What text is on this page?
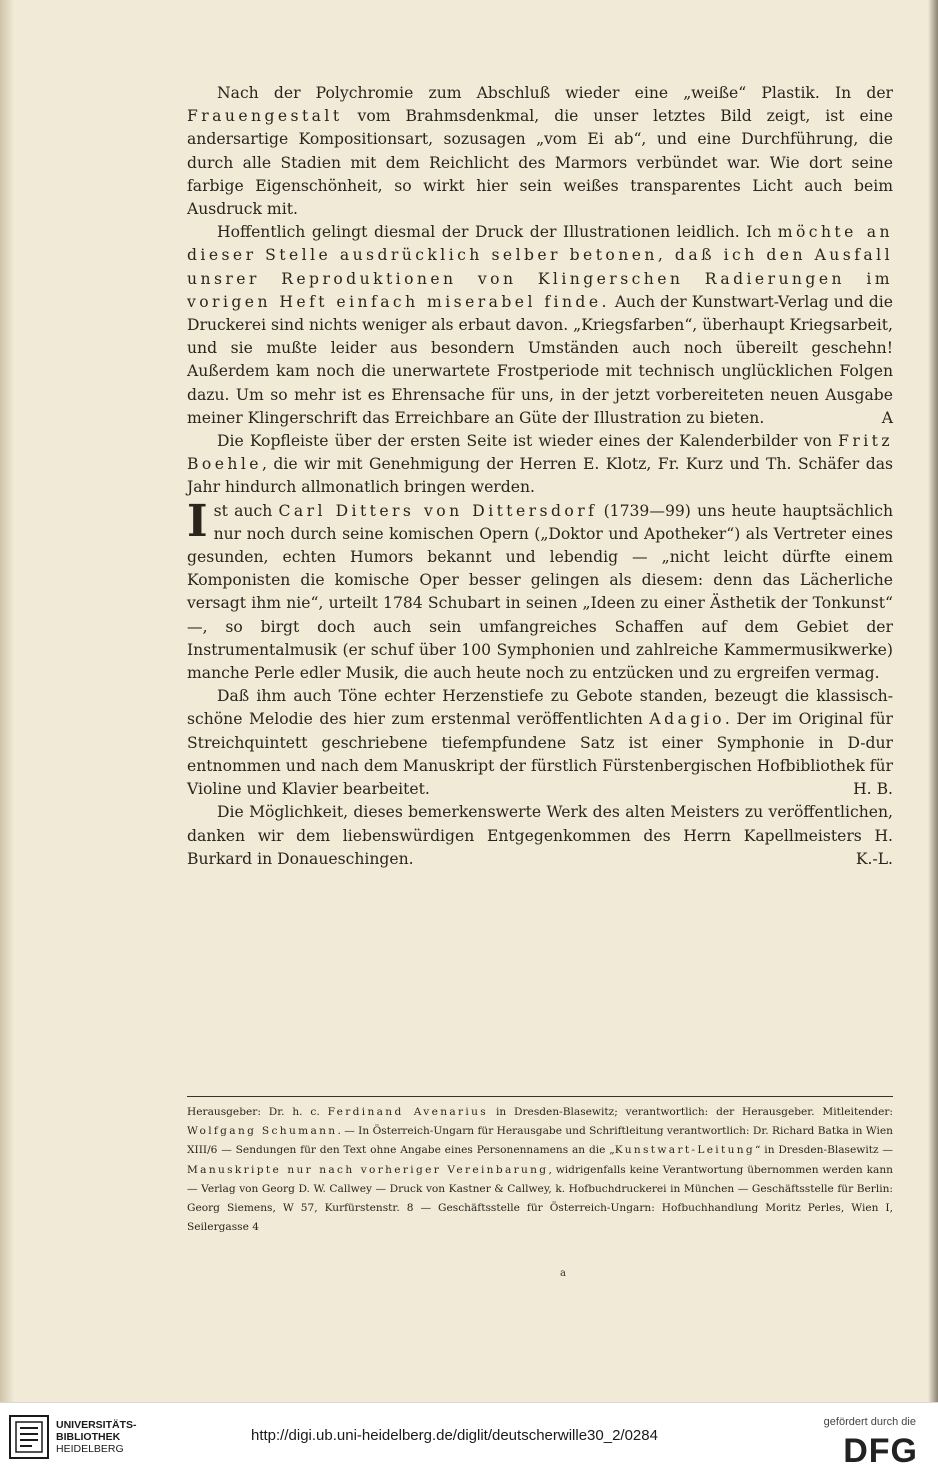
Nach der Polychromie zum Abschluß wieder eine „weiße“ Plastik. In der Frauengestalt vom Brahmsdenkmal, die unser letztes Bild zeigt, ist eine andersartige Kompositionsart, sozusagen „vom Ei ab“, und eine Durchführung, die durch alle Stadien mit dem Reichlicht des Marmors verbündet war. Wie dort seine farbige Eigenschönheit, so wirkt hier sein weißes transparentes Licht auch beim Ausdruck mit.

Hoffentlich gelingt diesmal der Druck der Illustrationen leidlich. Ich möchte an dieser Stelle ausdrücklich selber betonen, daß ich den Ausfall unsrer Reproduktionen von Klingerschen Radierungen im vorigen Heft einfach miserabel finde. Auch der Kunstwart-Verlag und die Druckerei sind nichts weniger als erbaut davon. „Kriegsfarben“, überhaupt Kriegsarbeit, und sie mußte leider aus besondern Umständen auch noch übereilt geschehn! Außerdem kam noch die unerwartete Frostperiode mit technisch unglücklichen Folgen dazu. Um so mehr ist es Ehrensache für uns, in der jetzt vorbereiteten neuen Ausgabe meiner Klingerschrift das Erreichbare an Güte der Illustration zu bieten.	A

Die Kopfleiste über der ersten Seite ist wieder eines der Kalenderbilder von Fritz Boehle, die wir mit Genehmigung der Herren E. Klotz, Fr. Kurz und Th. Schäfer das Jahr hindurch allmonatlich bringen werden.

Ist auch Carl Ditters von Dittersdorf (1739—99) uns heute hauptsächlich nur noch durch seine komischen Opern („Doktor und Apotheker“) als Vertreter eines gesunden, echten Humors bekannt und lebendig — „nicht leicht dürfte einem Komponisten die komische Oper besser gelingen als diesem: denn das Lächerliche versagt ihm nie“, urteilt 1784 Schubart in seinen „Ideen zu einer Ästhetik der Tonkunst“ —, so birgt doch auch sein umfangreiches Schaffen auf dem Gebiet der Instrumentalmusik (er schuf über 100 Symphonien und zahlreiche Kammermusikwerke) manche Perle edler Musik, die auch heute noch zu entzücken und zu ergreifen vermag.

Daß ihm auch Töne echter Herzenstiefe zu Gebote standen, bezeugt die klassisch-schöne Melodie des hier zum erstenmal veröffentlichten Adagio. Der im Original für Streichquintett geschriebene tiefempfundene Satz ist einer Symphonie in D-dur entnommen und nach dem Manuskript der fürstlich Fürstenbergischen Hofbibliothek für Violine und Klavier bearbeitet.	H. B.

Die Möglichkeit, dieses bemerkenswerte Werk des alten Meisters zu veröffentlichen, danken wir dem liebenswürdigen Entgegenkommen des Herrn Kapellmeisters H. Burkard in Donaueschingen.	K.-L.

Herausgeber: Dr. h. c. Ferdinand Avenarius in Dresden-Blasewitz; verantwortlich: der Herausgeber. Mitleitender: Wolfgang Schumann. — In Österreich-Ungarn für Herausgabe und Schriftleitung verantwortlich: Dr. Richard Batka in Wien XIII/6 — Sendungen für den Text ohne Angabe eines Personennamens an die „Kunstwart-Leitung“ in Dresden-Blasewitz — Manuskripte nur nach vorheriger Vereinbarung, widrigenfalls keine Verantwortung übernommen werden kann — Verlag von Georg D. W. Callwey — Druck von Kastner & Callwey, k. Hofbuchdruckerei in München — Geschäftsstelle für Berlin: Georg Siemens, W 57, Kurfürstenstr. 8 — Geschäftsstelle für Österreich-Ungarn: Hofbuchhandlung Moritz Perles, Wien I, Seilergasse 4
a
UNIVERSITÄTS-
BIBLIOTHEK
HEIDELBERG
http://digi.ub.uni-heidelberg.de/diglit/deutscherwille30_2/0284
gefördert durch die
DFG
